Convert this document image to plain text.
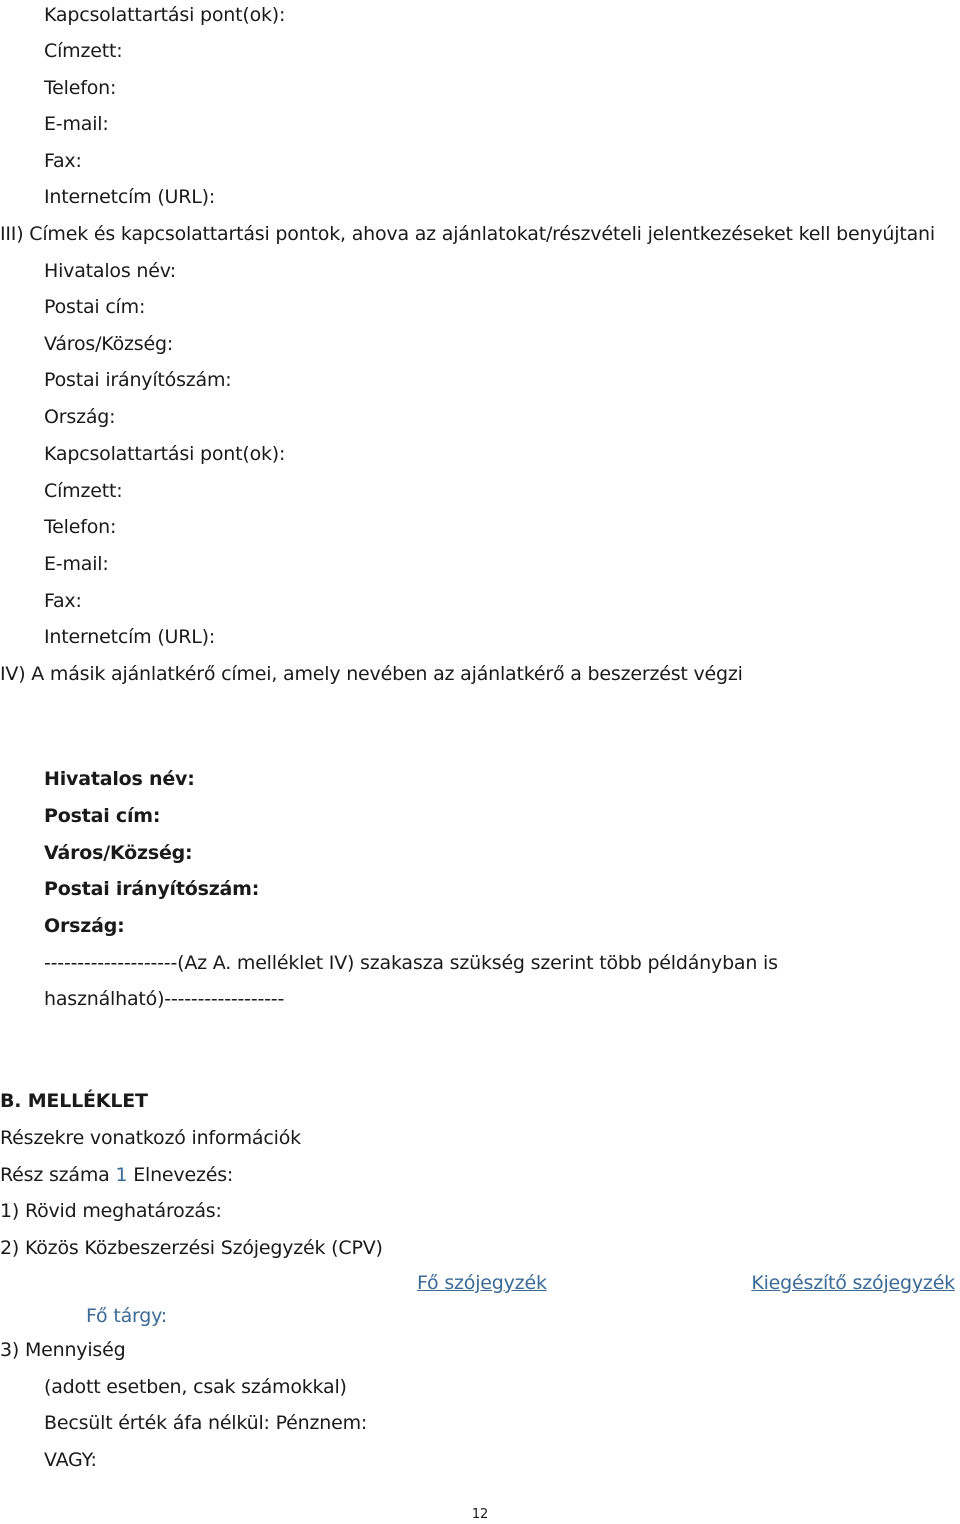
Kapcsolattartási pont(ok):
Címzett:
Telefon:
E-mail:
Fax:
Internetcím (URL):
III) Címek és kapcsolattartási pontok, ahova az ajánlatokat/részvételi jelentkezéseket kell benyújtani
Hivatalos név:
Postai cím:
Város/Község:
Postai irányítószám:
Ország:
Kapcsolattartási pont(ok):
Címzett:
Telefon:
E-mail:
Fax:
Internetcím (URL):
IV) A másik ajánlatkérő címei, amely nevében az ajánlatkérő a beszerzést végzi
Hivatalos név:
Postai cím:
Város/Község:
Postai irányítószám:
Ország:
--------------------(Az A. melléklet IV) szakasza szükség szerint több példányban is
használható)------------------
B. MELLÉKLET
Részekre vonatkozó információk
Rész száma 1 Elnevezés:
1) Rövid meghatározás:
2) Közös Közbeszerzési Szójegyzék (CPV)
Fő szójegyzék	Kiegészítő szójegyzék
Fő tárgy:
3) Mennyiség
(adott esetben, csak számokkal)
Becsült érték áfa nélkül: Pénznem:
VAGY:
12
